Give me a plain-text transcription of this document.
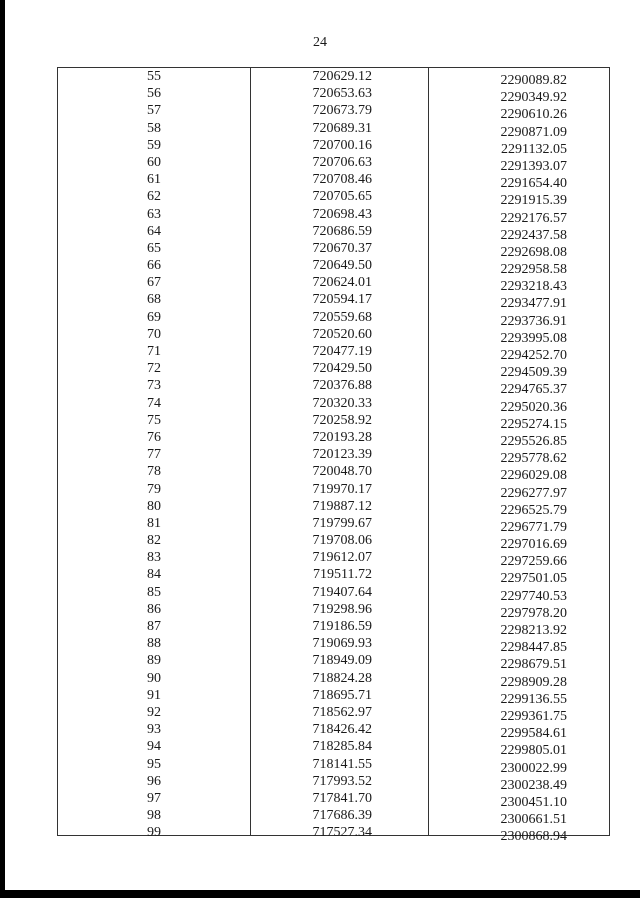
24
55	720629.12	2290089.82
56	720653.63	2290349.92
57	720673.79	2290610.26
58	720689.31	2290871.09
59	720700.16	2291132.05
60	720706.63	2291393.07
61	720708.46	2291654.40
62	720705.65	2291915.39
63	720698.43	2292176.57
64	720686.59	2292437.58
65	720670.37	2292698.08
66	720649.50	2292958.58
67	720624.01	2293218.43
68	720594.17	2293477.91
69	720559.68	2293736.91
70	720520.60	2293995.08
71	720477.19	2294252.70
72	720429.50	2294509.39
73	720376.88	2294765.37
74	720320.33	2295020.36
75	720258.92	2295274.15
76	720193.28	2295526.85
77	720123.39	2295778.62
78	720048.70	2296029.08
79	719970.17	2296277.97
80	719887.12	2296525.79
81	719799.67	2296771.79
82	719708.06	2297016.69
83	719612.07	2297259.66
84	719511.72	2297501.05
85	719407.64	2297740.53
86	719298.96	2297978.20
87	719186.59	2298213.92
88	719069.93	2298447.85
89	718949.09	2298679.51
90	718824.28	2298909.28
91	718695.71	2299136.55
92	718562.97	2299361.75
93	718426.42	2299584.61
94	718285.84	2299805.01
95	718141.55	2300022.99
96	717993.52	2300238.49
97	717841.70	2300451.10
98	717686.39	2300661.51
99	717527.34	2300868.94
